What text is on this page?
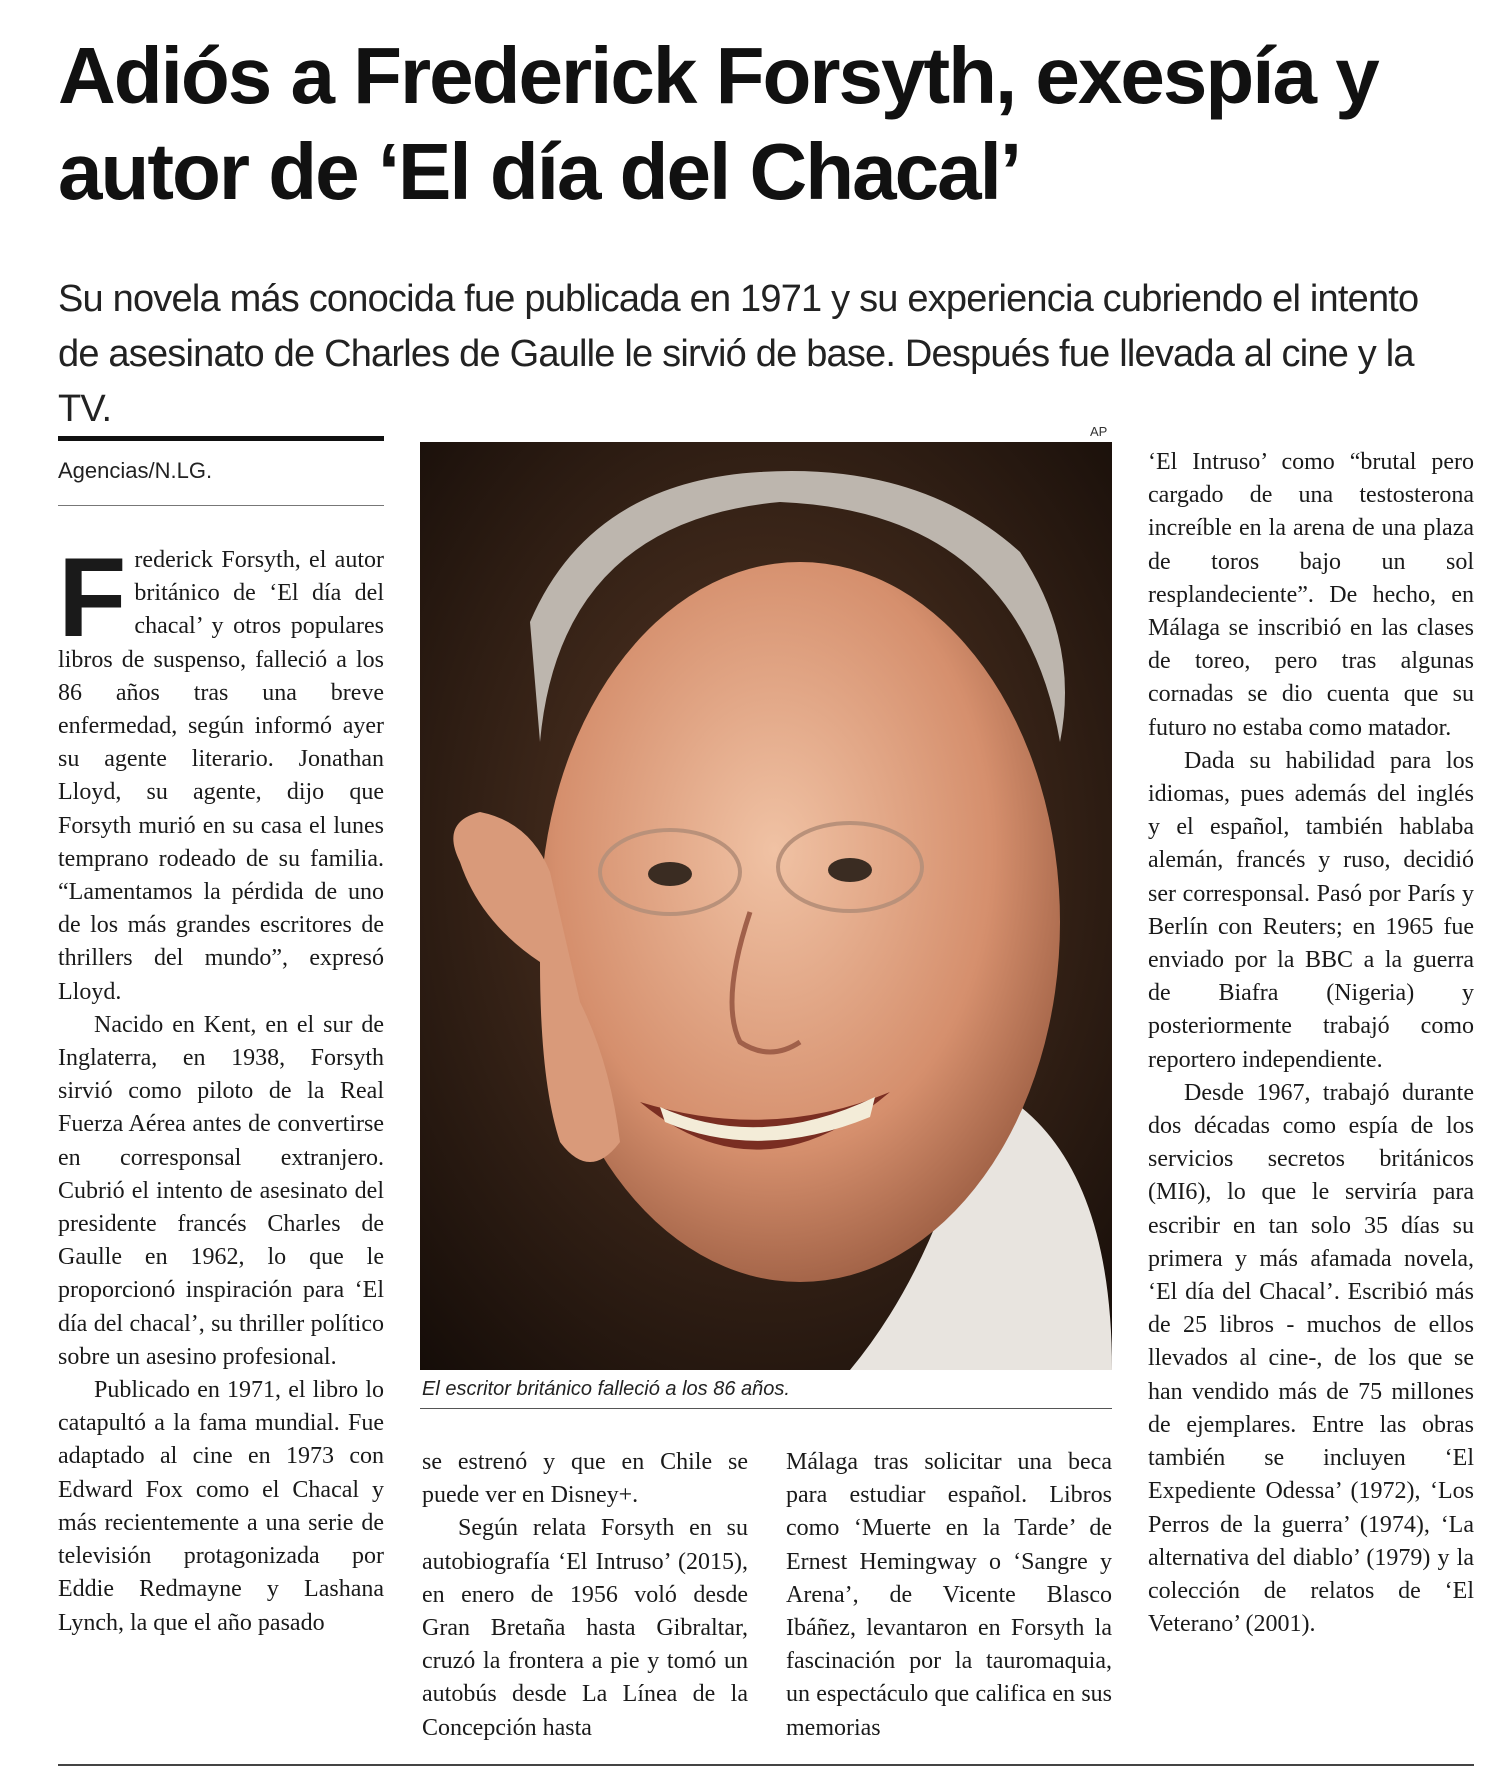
Adiós a Frederick Forsyth, exespía y autor de ‘El día del Chacal’

Su novela más conocida fue publicada en 1971 y su experiencia cubriendo el intento de asesinato de Charles de Gaulle le sirvió de base. Después fue llevada al cine y la TV.

Agencias/N.LG.
AP
El escritor británico falleció a los 86 años.

Frederick Forsyth, el autor británico de ‘El día del chacal’ y otros populares libros de suspenso, falleció a los 86 años tras una breve enfermedad, según informó ayer su agente literario. Jonathan Lloyd, su agente, dijo que Forsyth murió en su casa el lunes temprano rodeado de su familia. “Lamentamos la pérdida de uno de los más grandes escritores de thrillers del mundo”, expresó Lloyd.

Nacido en Kent, en el sur de Inglaterra, en 1938, Forsyth sirvió como piloto de la Real Fuerza Aérea antes de convertirse en corresponsal extranjero. Cubrió el intento de asesinato del presidente francés Charles de Gaulle en 1962, lo que le proporcionó inspiración para ‘El día del chacal’, su thriller político sobre un asesino profesional.

Publicado en 1971, el libro lo catapultó a la fama mundial. Fue adaptado al cine en 1973 con Edward Fox como el Chacal y más recientemente a una serie de televisión protagonizada por Eddie Redmayne y Lashana Lynch, la que el año pasado

se estrenó y que en Chile se puede ver en Disney+.

Según relata Forsyth en su autobiografía ‘El Intruso’ (2015), en enero de 1956 voló desde Gran Bretaña hasta Gibraltar, cruzó la frontera a pie y tomó un autobús desde La Línea de la Concepción hasta

Málaga tras solicitar una beca para estudiar español. Libros como ‘Muerte en la Tarde’ de Ernest Hemingway o ‘Sangre y Arena’, de Vicente Blasco Ibáñez, levantaron en Forsyth la fascinación por la tauromaquia, un espectáculo que califica en sus memorias

‘El Intruso’ como “brutal pero cargado de una testosterona increíble en la arena de una plaza de toros bajo un sol resplandeciente”. De hecho, en Málaga se inscribió en las clases de toreo, pero tras algunas cornadas se dio cuenta que su futuro no estaba como matador.

Dada su habilidad para los idiomas, pues además del inglés y el español, también hablaba alemán, francés y ruso, decidió ser corresponsal. Pasó por París y Berlín con Reuters; en 1965 fue enviado por la BBC a la guerra de Biafra (Nigeria) y posteriormente trabajó como reportero independiente.

Desde 1967, trabajó durante dos décadas como espía de los servicios secretos británicos (MI6), lo que le serviría para escribir en tan solo 35 días su primera y más afamada novela, ‘El día del Chacal’. Escribió más de 25 libros - muchos de ellos llevados al cine-, de los que se han vendido más de 75 millones de ejemplares. Entre las obras también se incluyen ‘El Expediente Odessa’ (1972), ‘Los Perros de la guerra’ (1974), ‘La alternativa del diablo’ (1979) y la colección de relatos de ‘El Veterano’ (2001).
